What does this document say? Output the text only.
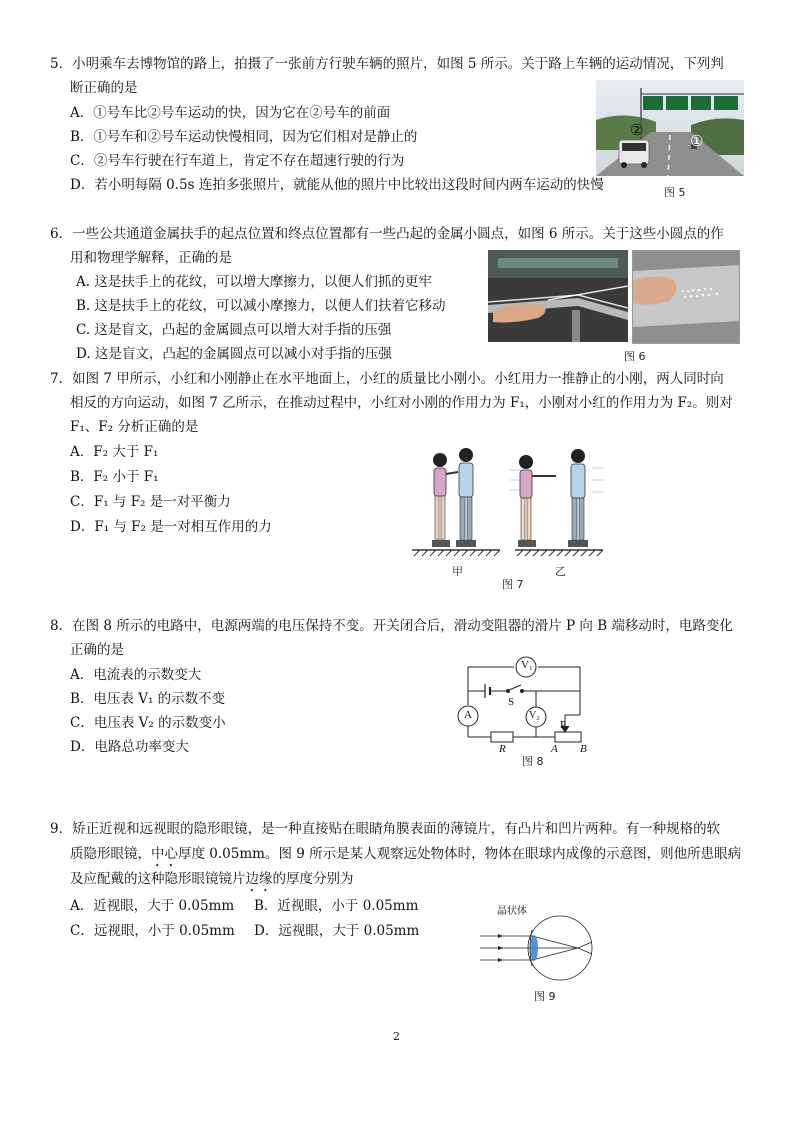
5．小明乘车去博物馆的路上，拍摄了一张前方行驶车辆的照片，如图 5 所示。关于路上车辆的运动情况，下列判
断正确的是
A．①号车比②号车运动的快，因为它在②号车的前面
B．①号车和②号车运动快慢相同，因为它们相对是静止的
C．②号车行驶在行车道上，肯定不存在超速行驶的行为
D．若小明每隔 0.5s 连拍多张照片，就能从他的照片中比较出这段时间内两车运动的快慢
②
①
图 5
6．一些公共通道金属扶手的起点位置和终点位置都有一些凸起的金属小圆点，如图 6 所示。关于这些小圆点的作
用和物理学解释，正确的是
A. 这是扶手上的花纹，可以增大摩擦力，以便人们抓的更牢
B. 这是扶手上的花纹，可以减小摩擦力，以便人们扶着它移动
C. 这是盲文，凸起的金属圆点可以增大对手指的压强
D. 这是盲文，凸起的金属圆点可以减小对手指的压强	图 6
7．如图 7 甲所示，小红和小刚静止在水平地面上，小红的质量比小刚小。小红用力一推静止的小刚，两人同时向
相反的方向运动，如图 7 乙所示，在推动过程中，小红对小刚的作用力为 F₁，小刚对小红的作用力为 F₂。则对
F₁、F₂ 分析正确的是
A．F₂ 大于 F₁
B．F₂ 小于 F₁
C．F₁ 与 F₂ 是一对平衡力
D．F₁ 与 F₂ 是一对相互作用的力
甲	乙
图 7
8．在图 8 所示的电路中，电源两端的电压保持不变。开关闭合后，滑动变阻器的滑片 P 向 B 端移动时，电路变化
正确的是
A．电流表的示数变大
B．电压表 V₁ 的示数不变
C．电压表 V₂ 的示数变小
D．电路总功率变大
V₁
A
S
V₂
P
R	A B
图 8
9．矫正近视和远视眼的隐形眼镜，是一种直接贴在眼睛角膜表面的薄镜片，有凸片和凹片两种。有一种规格的软
质隐形眼镜，中心厚度 0.05mm。图 9 所示是某人观察远处物体时，物体在眼球内成像的示意图，则他所患眼病
及应配戴的这种隐形眼镜镜片边缘的厚度分别为
A．近视眼，大于 0.05mm B．近视眼，小于 0.05mm
C．远视眼，小于 0.05mm D．远视眼，大于 0.05mm
晶状体
图 9
2
